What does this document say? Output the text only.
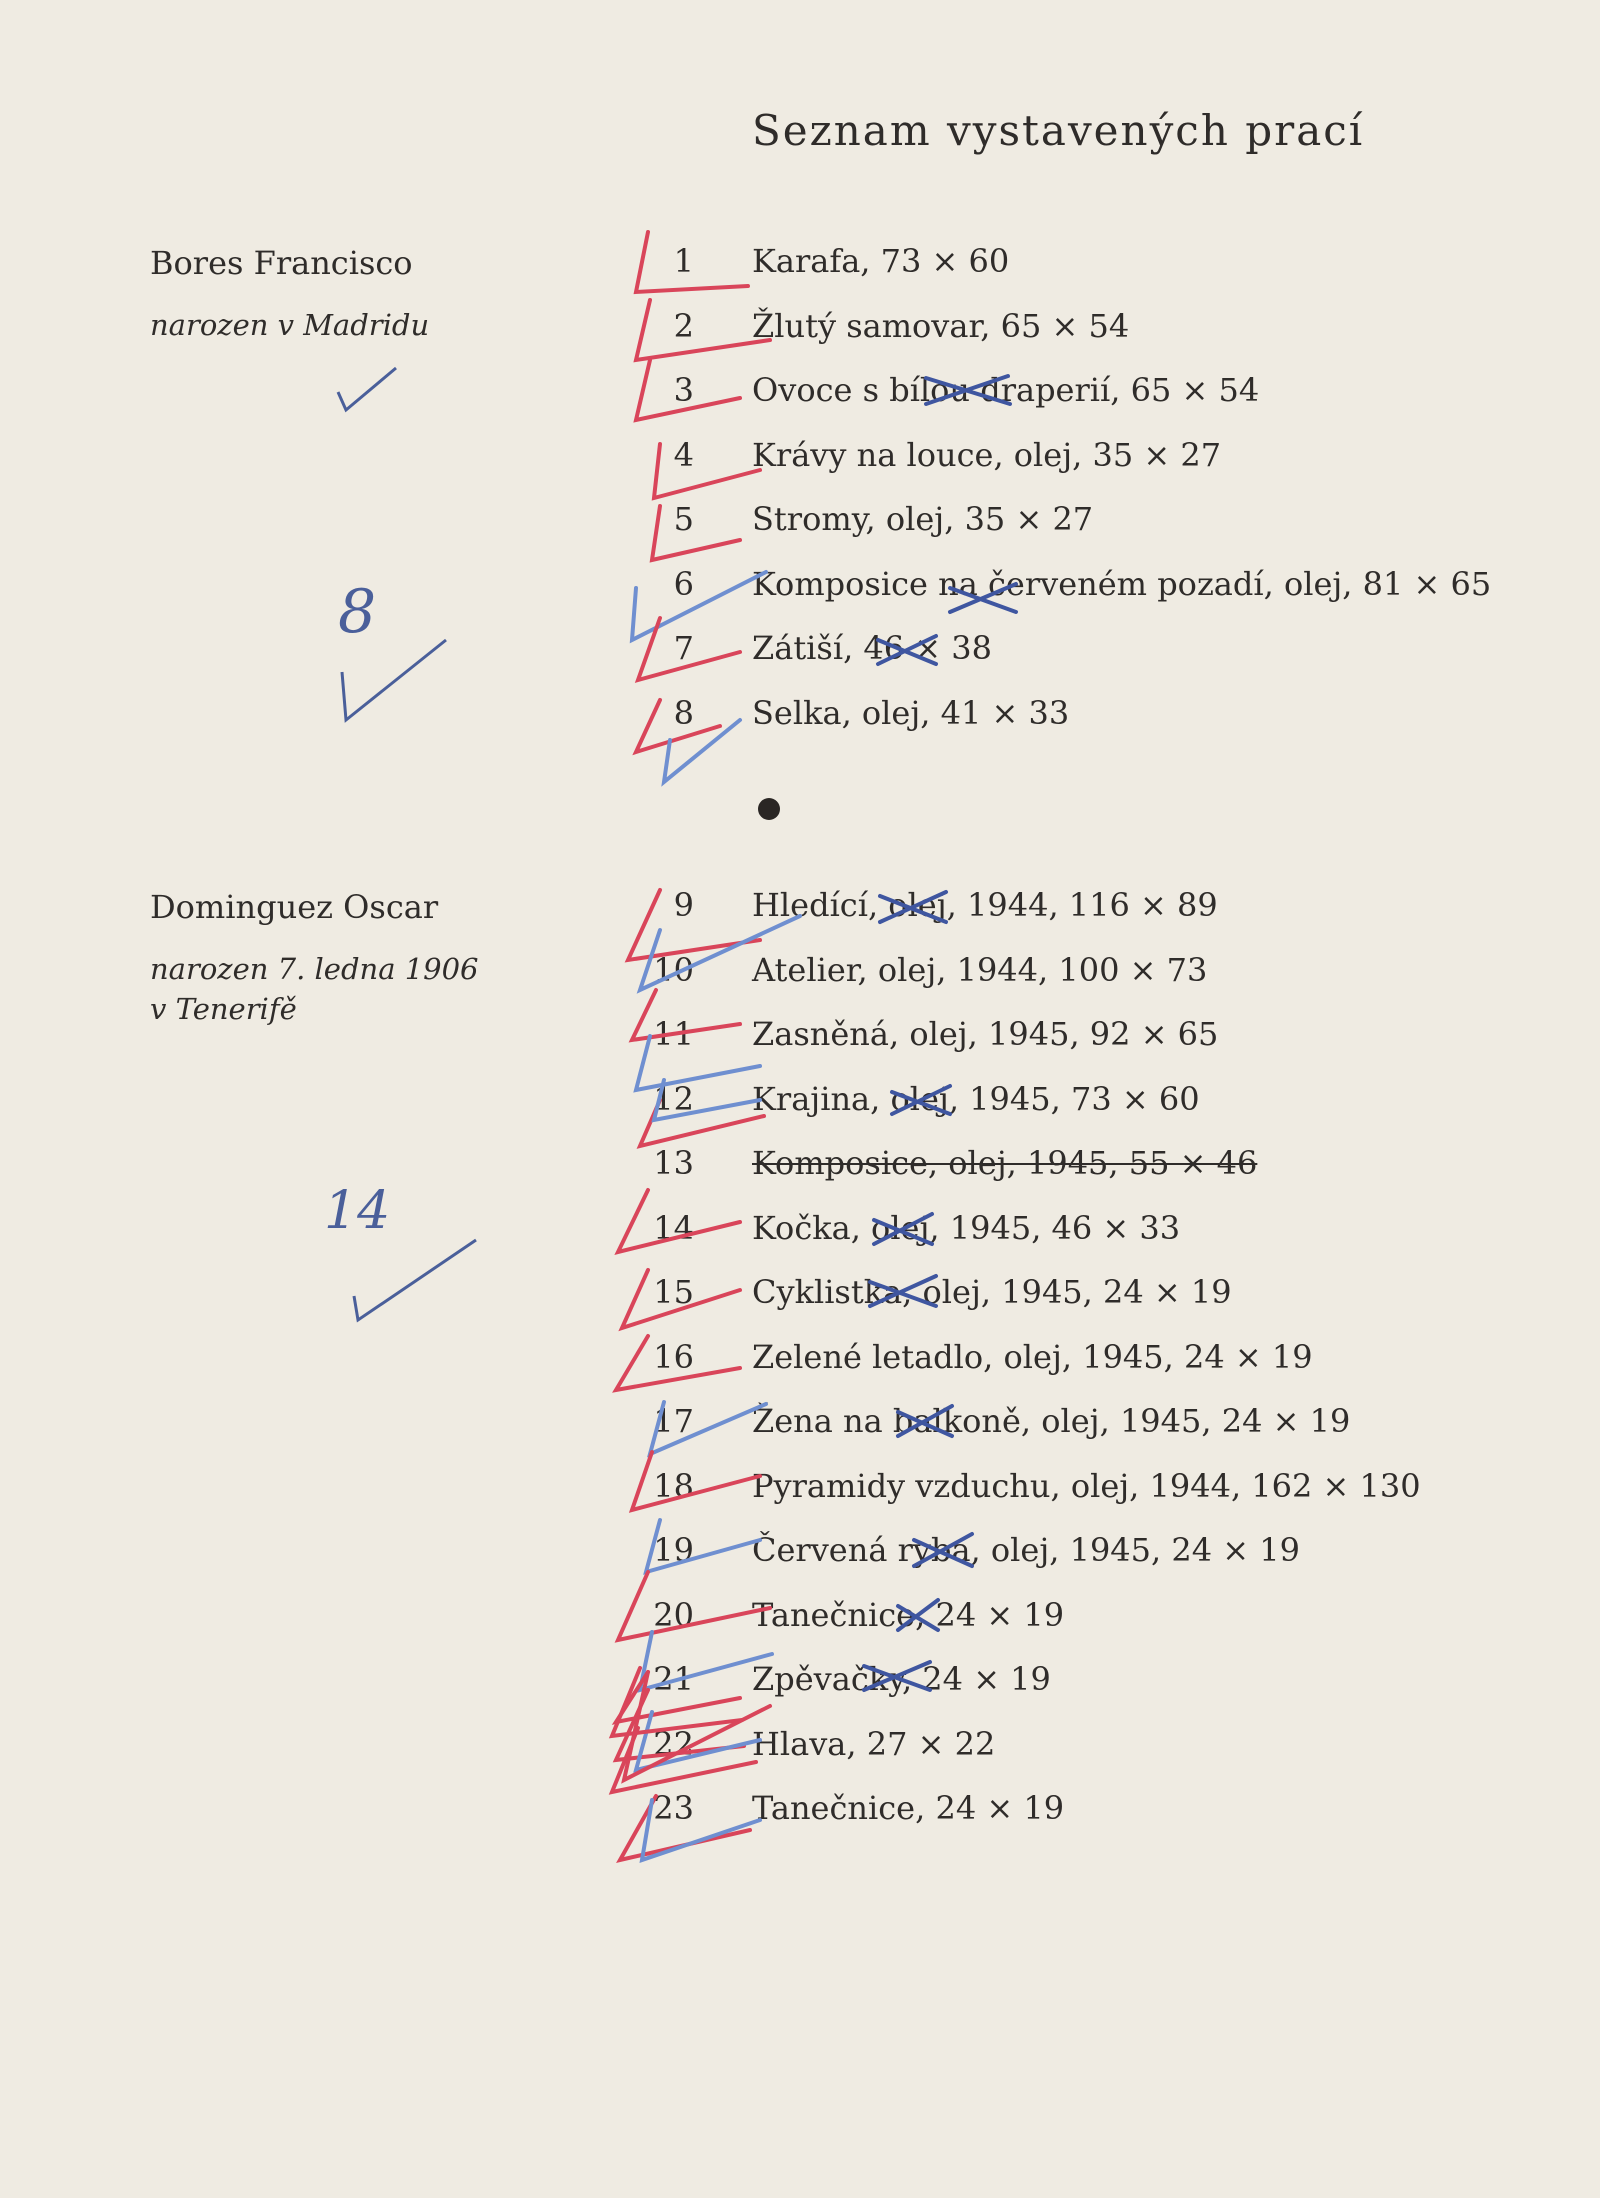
Seznam vystavených prací
Bores Francisco
narozen v Madridu
1 Karafa, 73 × 60
2 Žlutý samovar, 65 × 54
3 Ovoce s bílou draperií, 65 × 54
4 Krávy na louce, olej, 35 × 27
5 Stromy, olej, 35 × 27
6 Komposice na červeném pozadí, olej, 81 × 65
7 Zátiší, 46 × 38
8 Selka, olej, 41 × 33
Dominguez Oscar
narozen 7. ledna 1906
v Tenerifě
9 Hledící, olej, 1944, 116 × 89
10 Atelier, olej, 1944, 100 × 73
11 Zasněná, olej, 1945, 92 × 65
12 Krajina, olej, 1945, 73 × 60
13 Komposice, olej, 1945, 55 × 46
14 Kočka, olej, 1945, 46 × 33
15 Cyklistka, olej, 1945, 24 × 19
16 Zelené letadlo, olej, 1945, 24 × 19
17 Žena na balkoně, olej, 1945, 24 × 19
18 Pyramidy vzduchu, olej, 1944, 162 × 130
19 Červená ryba, olej, 1945, 24 × 19
20 Tanečnice, 24 × 19
21 Zpěvačky, 24 × 19
22 Hlava, 27 × 22
23 Tanečnice, 24 × 19
8
14
